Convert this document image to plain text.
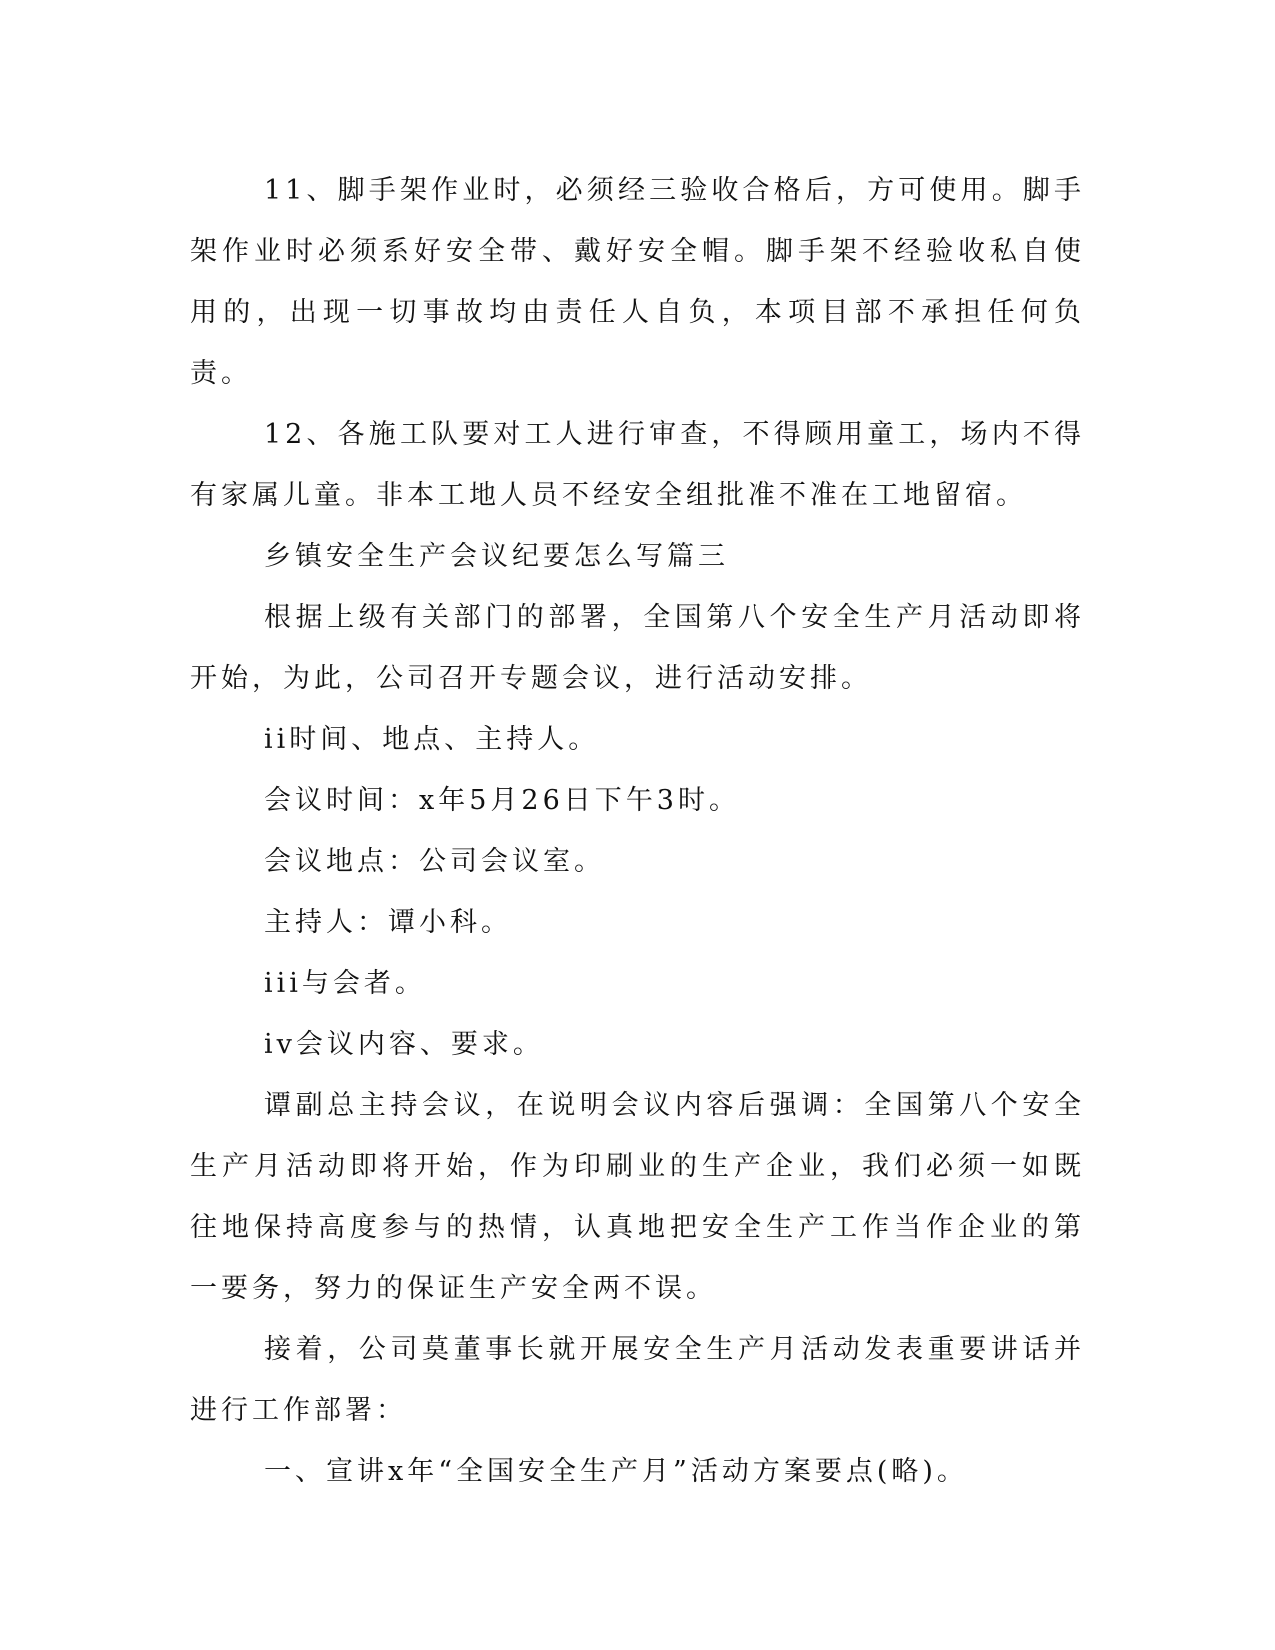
11、脚手架作业时，必须经三验收合格后，方可使用。脚手架作业时必须系好安全带、戴好安全帽。脚手架不经验收私自使用的，出现一切事故均由责任人自负，本项目部不承担任何负责。

12、各施工队要对工人进行审查，不得顾用童工，场内不得有家属儿童。非本工地人员不经安全组批准不准在工地留宿。

乡镇安全生产会议纪要怎么写篇三

根据上级有关部门的部署，全国第八个安全生产月活动即将开始，为此，公司召开专题会议，进行活动安排。

ii时间、地点、主持人。

会议时间：x年5月26日下午3时。

会议地点：公司会议室。

主持人：谭小科。

iii与会者。

iv会议内容、要求。

谭副总主持会议，在说明会议内容后强调：全国第八个安全生产月活动即将开始，作为印刷业的生产企业，我们必须一如既往地保持高度参与的热情，认真地把安全生产工作当作企业的第一要务，努力的保证生产安全两不误。

接着，公司莫董事长就开展安全生产月活动发表重要讲话并进行工作部署：

一、宣讲x年“全国安全生产月”活动方案要点(略)。
